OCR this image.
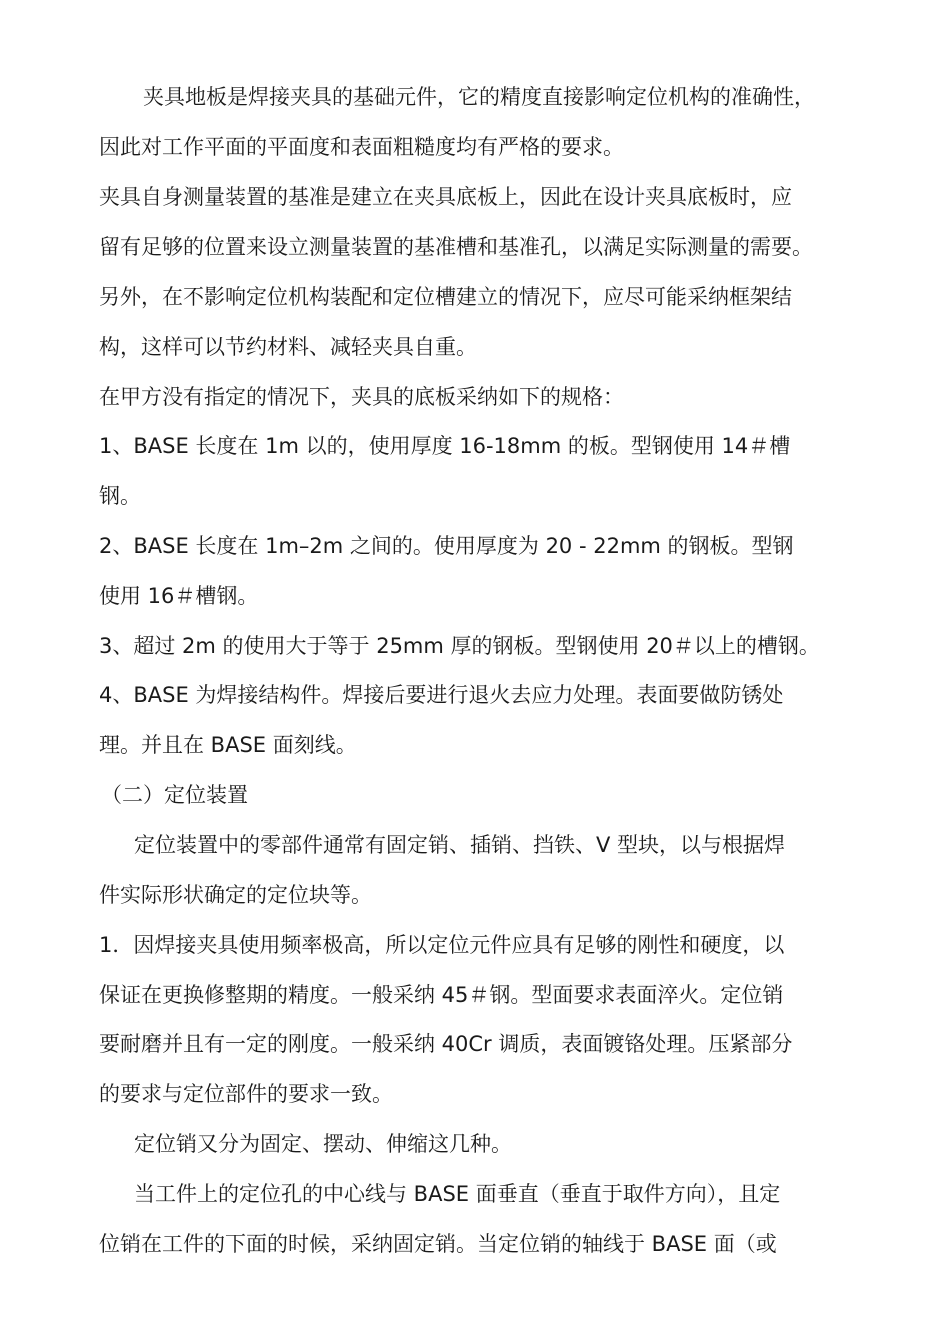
夹具地板是焊接夹具的基础元件，它的精度直接影响定位机构的准确性，
因此对工作平面的平面度和表面粗糙度均有严格的要求。
夹具自身测量装置的基准是建立在夹具底板上，因此在设计夹具底板时，应
留有足够的位置来设立测量装置的基准槽和基准孔，以满足实际测量的需要。
另外，在不影响定位机构装配和定位槽建立的情况下，应尽可能采纳框架结
构，这样可以节约材料、减轻夹具自重。
在甲方没有指定的情况下，夹具的底板采纳如下的规格：
1、BASE 长度在 1m 以的，使用厚度 16-18mm 的板。型钢使用 14＃槽
钢。
2、BASE 长度在 1m–2m 之间的。使用厚度为 20 - 22mm 的钢板。型钢
使用 16＃槽钢。
3、超过 2m 的使用大于等于 25mm 厚的钢板。型钢使用 20＃以上的槽钢。
4、BASE 为焊接结构件。焊接后要进行退火去应力处理。表面要做防锈处
理。并且在 BASE 面刻线。
（二）定位装置
定位装置中的零部件通常有固定销、插销、挡铁、V 型块，以与根据焊
件实际形状确定的定位块等。
1．因焊接夹具使用频率极高，所以定位元件应具有足够的刚性和硬度，以
保证在更换修整期的精度。一般采纳 45＃钢。型面要求表面淬火。定位销
要耐磨并且有一定的刚度。一般采纳 40Cr 调质，表面镀铬处理。压紧部分
的要求与定位部件的要求一致。
定位销又分为固定、摆动、伸缩这几种。
当工件上的定位孔的中心线与 BASE 面垂直（垂直于取件方向），且定
位销在工件的下面的时候，采纳固定销。当定位销的轴线于 BASE 面（或
